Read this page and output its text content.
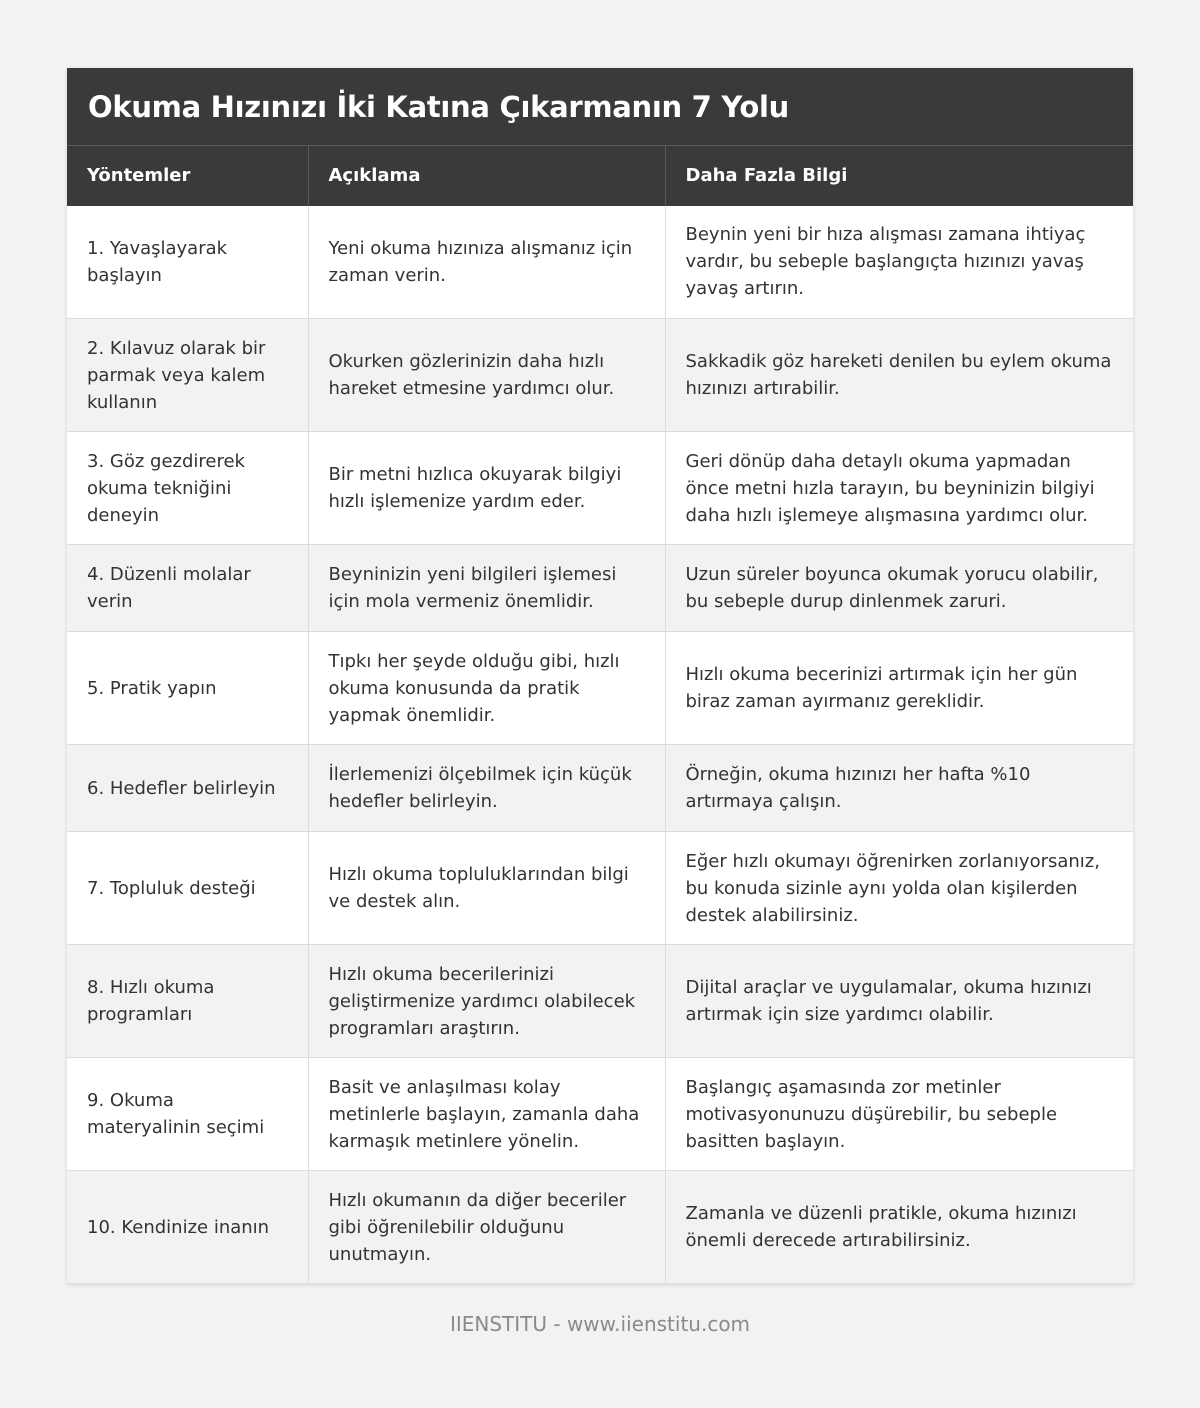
Okuma Hızınızı İki Katına Çıkarmanın 7 Yolu
Yöntemler	Açıklama	Daha Fazla Bilgi
1. Yavaşlayarak başlayın	Yeni okuma hızınıza alışmanız için zaman verin.	Beynin yeni bir hıza alışması zamana ihtiyaç vardır, bu sebeple başlangıçta hızınızı yavaş yavaş artırın.
2. Kılavuz olarak bir parmak veya kalem kullanın	Okurken gözlerinizin daha hızlı hareket etmesine yardımcı olur.	Sakkadik göz hareketi denilen bu eylem okuma hızınızı artırabilir.
3. Göz gezdirerek okuma tekniğini deneyin	Bir metni hızlıca okuyarak bilgiyi hızlı işlemenize yardım eder.	Geri dönüp daha detaylı okuma yapmadan önce metni hızla tarayın, bu beyninizin bilgiyi daha hızlı işlemeye alışmasına yardımcı olur.
4. Düzenli molalar verin	Beyninizin yeni bilgileri işlemesi için mola vermeniz önemlidir.	Uzun süreler boyunca okumak yorucu olabilir, bu sebeple durup dinlenmek zaruri.
5. Pratik yapın	Tıpkı her şeyde olduğu gibi, hızlı okuma konusunda da pratik yapmak önemlidir.	Hızlı okuma becerinizi artırmak için her gün biraz zaman ayırmanız gereklidir.
6. Hedefler belirleyin	İlerlemenizi ölçebilmek için küçük hedefler belirleyin.	Örneğin, okuma hızınızı her hafta %10 artırmaya çalışın.
7. Topluluk desteği	Hızlı okuma topluluklarından bilgi ve destek alın.	Eğer hızlı okumayı öğrenirken zorlanıyorsanız, bu konuda sizinle aynı yolda olan kişilerden destek alabilirsiniz.
8. Hızlı okuma programları	Hızlı okuma becerilerinizi geliştirmenize yardımcı olabilecek programları araştırın.	Dijital araçlar ve uygulamalar, okuma hızınızı artırmak için size yardımcı olabilir.
9. Okuma materyalinin seçimi	Basit ve anlaşılması kolay metinlerle başlayın, zamanla daha karmaşık metinlere yönelin.	Başlangıç aşamasında zor metinler motivasyonunuzu düşürebilir, bu sebeple basitten başlayın.
10. Kendinize inanın	Hızlı okumanın da diğer beceriler gibi öğrenilebilir olduğunu unutmayın.	Zamanla ve düzenli pratikle, okuma hızınızı önemli derecede artırabilirsiniz.
IIENSTITU - www.iienstitu.com
